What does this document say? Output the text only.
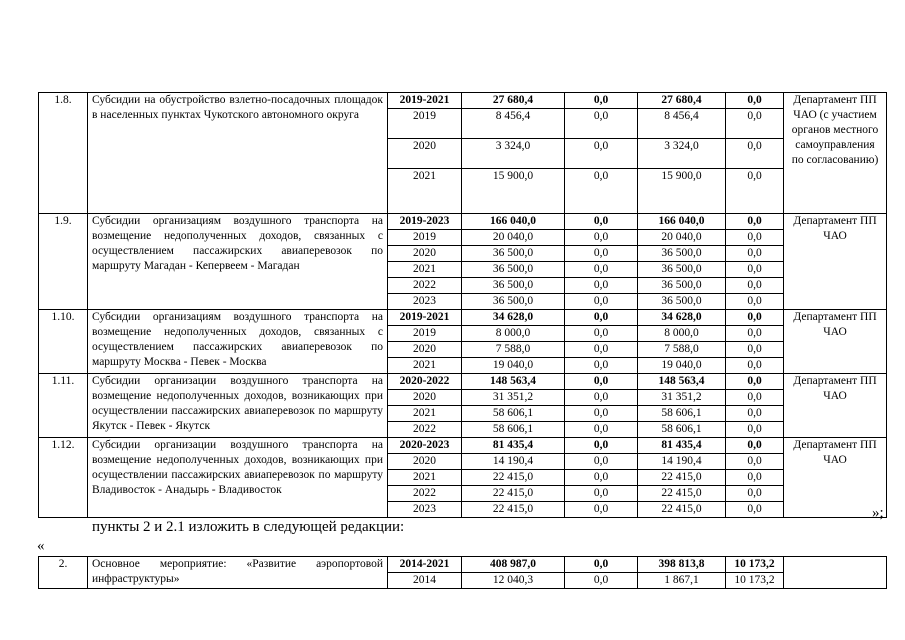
1.8.	Субсидии на обустройство взлетно-посадочных площадок в населенных пунктах Чукотского автономного округа	2019-2021	27 680,4	0,0	27 680,4	0,0	Департамент ПП ЧАО (с участием органов местного самоуправления по согласованию)
		2019	8 456,4	0,0	8 456,4	0,0	
		2020	3 324,0	0,0	3 324,0	0,0	
		2021	15 900,0	0,0	15 900,0	0,0	
1.9.	Субсидии организациям воздушного транспорта на возмещение недополученных доходов, связанных с осуществлением пассажирских авиаперевозок по маршруту Магадан - Кепервеем - Магадан	2019-2023	166 040,0	0,0	166 040,0	0,0	Департамент ПП ЧАО
		2019	20 040,0	0,0	20 040,0	0,0	
		2020	36 500,0	0,0	36 500,0	0,0	
		2021	36 500,0	0,0	36 500,0	0,0	
		2022	36 500,0	0,0	36 500,0	0,0	
		2023	36 500,0	0,0	36 500,0	0,0	
1.10.	Субсидии организациям воздушного транспорта на возмещение недополученных доходов, связанных с осуществлением пассажирских авиаперевозок по маршруту Москва - Певек - Москва	2019-2021	34 628,0	0,0	34 628,0	0,0	Департамент ПП ЧАО
		2019	8 000,0	0,0	8 000,0	0,0	
		2020	7 588,0	0,0	7 588,0	0,0	
		2021	19 040,0	0,0	19 040,0	0,0	
1.11.	Субсидии организации воздушного транспорта на возмещение недополученных доходов, возникающих при осуществлении пассажирских авиаперевозок по маршруту Якутск - Певек - Якутск	2020-2022	148 563,4	0,0	148 563,4	0,0	Департамент ПП ЧАО
		2020	31 351,2	0,0	31 351,2	0,0	
		2021	58 606,1	0,0	58 606,1	0,0	
		2022	58 606,1	0,0	58 606,1	0,0	
1.12.	Субсидии организации воздушного транспорта на возмещение недополученных доходов, возникающих при осуществлении пассажирских авиаперевозок по маршруту Владивосток - Анадырь - Владивосток	2020-2023	81 435,4	0,0	81 435,4	0,0	Департамент ПП ЧАО
		2020	14 190,4	0,0	14 190,4	0,0	
		2021	22 415,0	0,0	22 415,0	0,0	
		2022	22 415,0	0,0	22 415,0	0,0	
		2023	22 415,0	0,0	22 415,0	0,0		»;
пункты 2 и 2.1 изложить в следующей редакции:
«
2.	Основное мероприятие: «Развитие аэропортовой инфраструктуры»	2014-2021	408 987,0	0,0	398 813,8	10 173,2	
		2014	12 040,3	0,0	1 867,1	10 173,2	
